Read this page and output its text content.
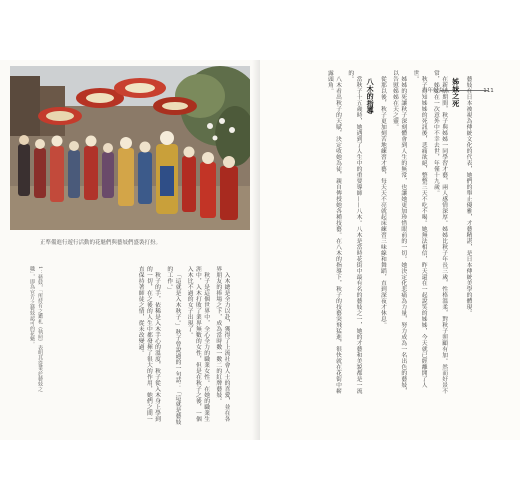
正準備進行遊行活動的花魁們與藝妓們盛裝打扮。

入木總是全力以赴，獲得了上流社會人士的喜愛，並在各界朋友的捧場之下，成為當時數一數二的紅牌藝妓。

秋子是這個世界中，全心全力的職業女性。在她的職業生涯中，入木打敗了業界無數的女性，但是在秋子之後，一個入木比不過的女子出現了。

「這就是入木秋子。」秋子曾說過的一句話：「這就是藝妓的工作。」

秋子的手，依稀是入木手心的溫度，秋子從入木身上學到的一切，在之後的人生中都發揮了很大的作用，她們之間一直保持著師徒之情，從未改變過。

1：藝妓，「所持有之鑑札（執照）表明其從業於藝妓之職」，即為官方之藝妓認可的花魁。
百年好女人	111

藝妓在日本被視為傳統文化的代表，她們的舉止優雅，才藝精湛，是日本傳統美學的體現。

姊妹之死

在新店期間，秋子與姊姊一同學習才藝，兩人感情深厚。姊姊比秋子年長三歲，性格溫柔，對秋子照顧有加。然而好景不常，姊姊在一次意外中不幸去世，年僅十九歲。

秋子得知姊姊的死訊後，悲痛欲絕，整整三天不吃不喝。她無法相信，昨天還在一起說笑的姊姊，今天就已經離開了人世。

姊姊的死讓秋子深刻體會到人生的無常，也讓她更加珍惜眼前的一切。她決定化悲痛為力量，努力成為一名出色的藝妓，以告慰姊姊在天之靈。

從那以後，秋子更加刻苦地練習才藝，每天天不亮就起床練習三味線和舞蹈，直到深夜才休息。

八木的指導

當秋子十五歲時，她遇到了人生中的重要導師——八木。八木是當時花街中最有名的藝妓之一，她的才藝和美貌都是一流的。

八木看出秋子的天賦，決定收她為徒，親自傳授她各種技藝。在八木的指導下，秋子的技藝突飛猛進，很快就在花街中嶄露頭角。
